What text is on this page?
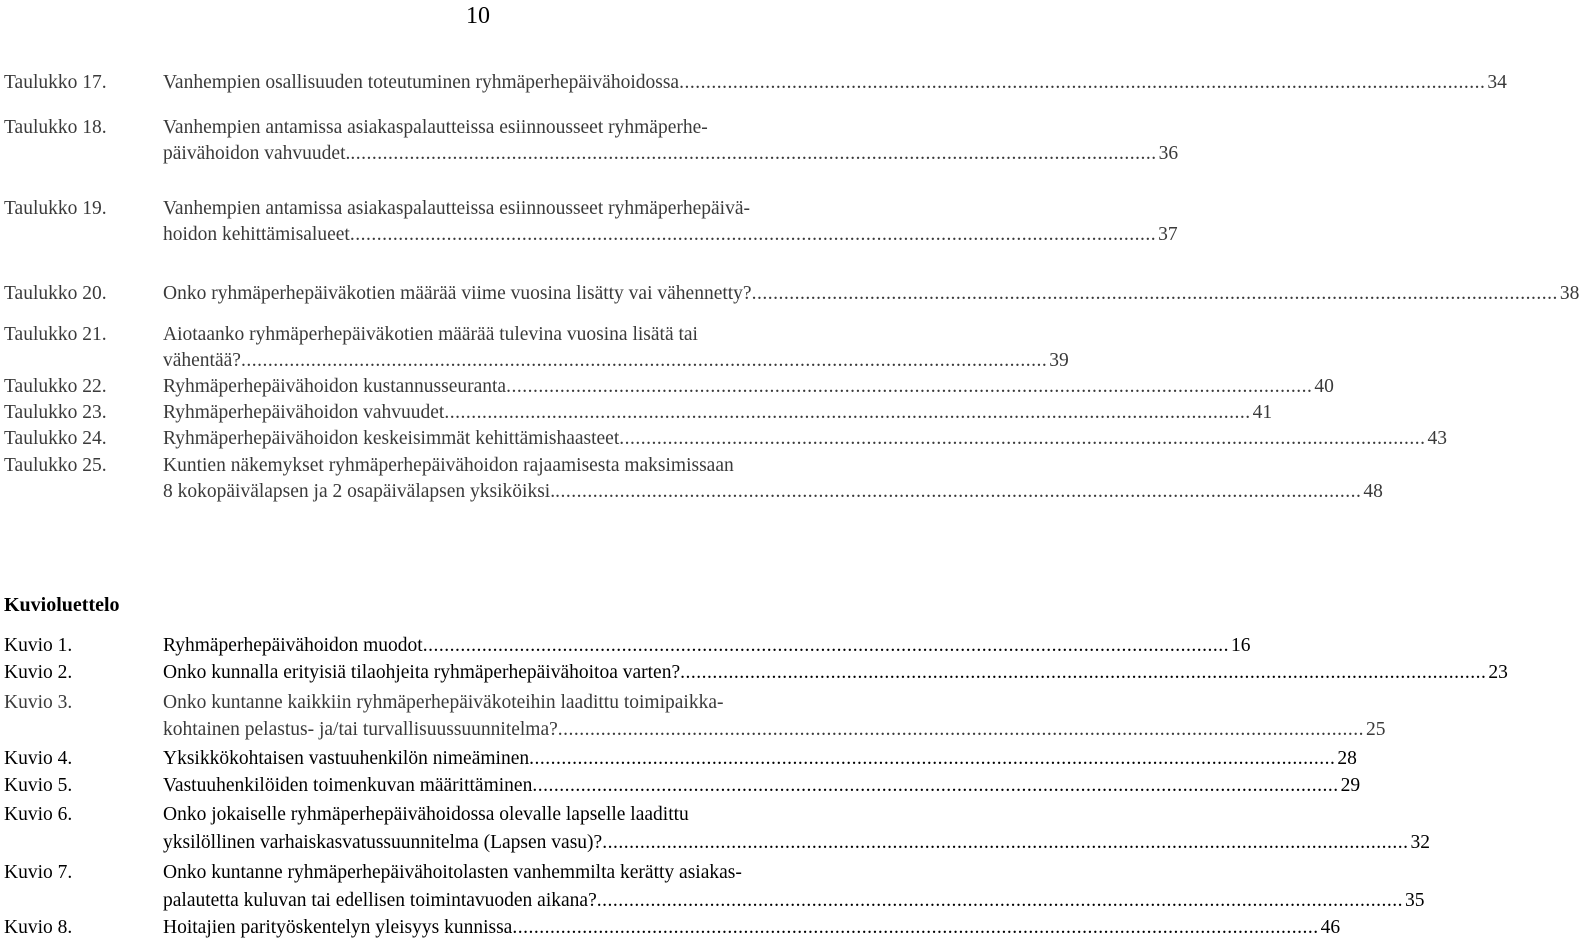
10
Taulukko 17.	Vanhempien osallisuuden toteutuminen ryhmäperhepäivähoidossa ...................................................................................................................................................... 34
Taulukko 18.	Vanhempien antamissa asiakaspalautteissa esiinnousseet ryhmäperhe-
päivähoidon vahvuudet. ...................................................................................................................................................... 36
Taulukko 19.	Vanhempien antamissa asiakaspalautteissa esiinnousseet ryhmäperhepäivä-
hoidon kehittämisalueet ...................................................................................................................................................... 37
Taulukko 20.	Onko ryhmäperhepäiväkotien määrää viime vuosina lisätty vai vähennetty? ...................................................................................................................................................... 38
Taulukko 21.	Aiotaanko ryhmäperhepäiväkotien määrää tulevina vuosina lisätä tai
vähentää? ...................................................................................................................................................... 39
Taulukko 22.	Ryhmäperhepäivähoidon kustannusseuranta ...................................................................................................................................................... 40
Taulukko 23.	Ryhmäperhepäivähoidon vahvuudet ...................................................................................................................................................... 41
Taulukko 24.	Ryhmäperhepäivähoidon keskeisimmät kehittämishaasteet ...................................................................................................................................................... 43
Taulukko 25.	Kuntien näkemykset ryhmäperhepäivähoidon rajaamisesta maksimissaan
8 kokopäivälapsen ja 2 osapäivälapsen yksiköiksi. ...................................................................................................................................................... 48
Kuvioluettelo
Kuvio 1.	Ryhmäperhepäivähoidon muodot ...................................................................................................................................................... 16
Kuvio 2.	Onko kunnalla erityisiä tilaohjeita ryhmäperhepäivähoitoa varten? ...................................................................................................................................................... 23
Kuvio 3.	Onko kuntanne kaikkiin ryhmäperhepäiväkoteihin laadittu toimipaikka-
kohtainen pelastus- ja/tai turvallisuussuunnitelma? ...................................................................................................................................................... 25
Kuvio 4.	Yksikkökohtaisen vastuuhenkilön nimeäminen ...................................................................................................................................................... 28
Kuvio 5.	Vastuuhenkilöiden toimenkuvan määrittäminen ...................................................................................................................................................... 29
Kuvio 6.	Onko jokaiselle ryhmäperhepäivähoidossa olevalle lapselle laadittu
yksilöllinen varhaiskasvatussuunnitelma (Lapsen vasu)? ...................................................................................................................................................... 32
Kuvio 7.	Onko kuntanne ryhmäperhepäivähoitolasten vanhemmilta kerätty asiakas-
palautetta kuluvan tai edellisen toimintavuoden aikana? ...................................................................................................................................................... 35
Kuvio 8.	Hoitajien parityöskentelyn yleisyys kunnissa ...................................................................................................................................................... 46
